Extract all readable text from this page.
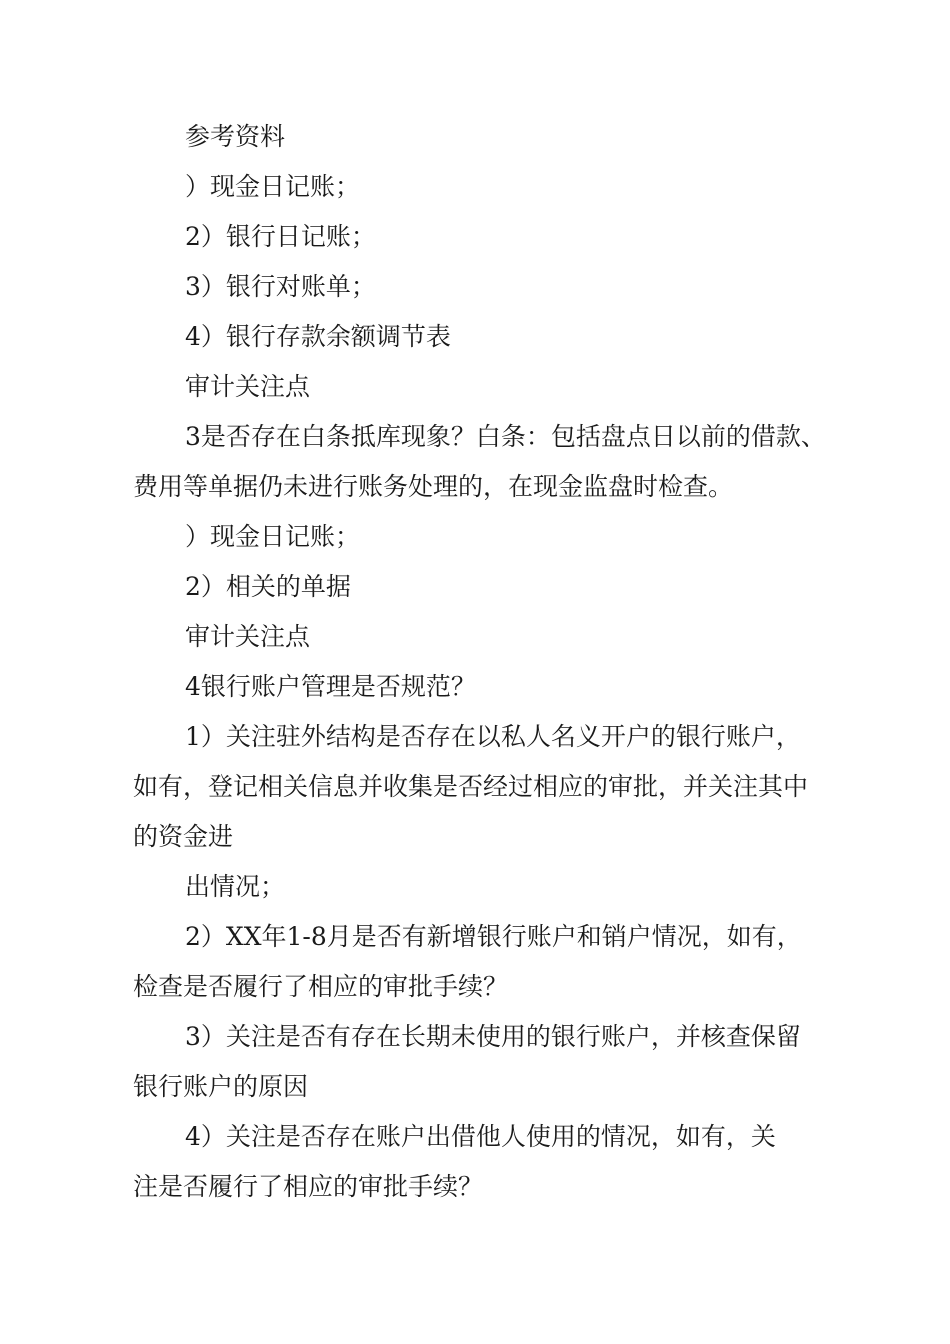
参考资料
）现金日记账；
2）银行日记账；
3）银行对账单；
4）银行存款余额调节表
审计关注点
3是否存在白条抵库现象？白条：包括盘点日以前的借款、
费用等单据仍未进行账务处理的，在现金监盘时检查。
）现金日记账；
2）相关的单据
审计关注点
4银行账户管理是否规范？
1）关注驻外结构是否存在以私人名义开户的银行账户，
如有，登记相关信息并收集是否经过相应的审批，并关注其中
的资金进
出情况；
2）XX年1-8月是否有新增银行账户和销户情况，如有，
检查是否履行了相应的审批手续？
3）关注是否有存在长期未使用的银行账户，并核查保留
银行账户的原因
4）关注是否存在账户出借他人使用的情况，如有，关
注是否履行了相应的审批手续？
